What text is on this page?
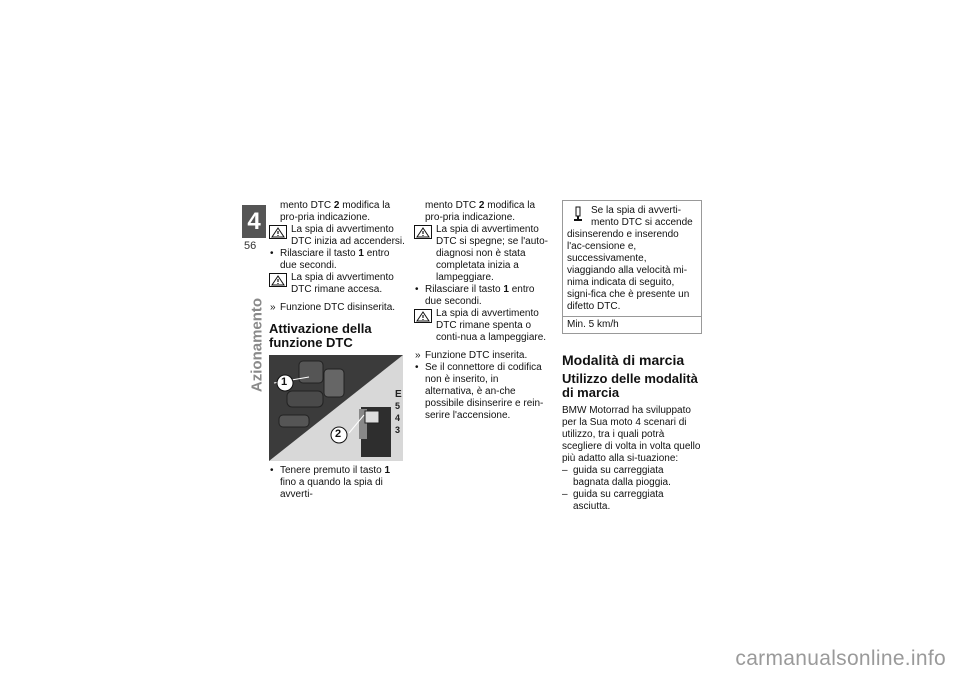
4
56
Azionamento

mento DTC 2 modifica la pro-pria indicazione.

La spia di avvertimento DTC inizia ad accendersi.

• Rilasciare il tasto 1 entro due secondi.

La spia di avvertimento DTC rimane accesa.

» Funzione DTC disinserita.

Attivazione della funzione DTC
1
2
E
5
4
3

• Tenere premuto il tasto 1 fino a quando la spia di avverti-

mento DTC 2 modifica la pro-pria indicazione.

La spia di avvertimento DTC si spegne; se l'auto-diagnosi non è stata completata inizia a lampeggiare.

• Rilasciare il tasto 1 entro due secondi.

La spia di avvertimento DTC rimane spenta o conti-nua a lampeggiare.

» Funzione DTC inserita.

• Se il connettore di codifica non è inserito, in alternativa, è an-che possibile disinserire e rein-serire l'accensione.

Se la spia di avverti-mento DTC si accende disinserendo e inserendo l'ac-censione e, successivamente, viaggiando alla velocità mi-nima indicata di seguito, signi-fica che è presente un difetto DTC.
Min. 5 km/h
Modalità di marcia
Utilizzo delle modalità di marcia

BMW Motorrad ha sviluppato per la Sua moto 4 scenari di utilizzo, tra i quali potrà scegliere di volta in volta quello più adatto alla si-tuazione:

– guida su carreggiata bagnata dalla pioggia.

– guida su carreggiata asciutta.

carmanualsonline.info
